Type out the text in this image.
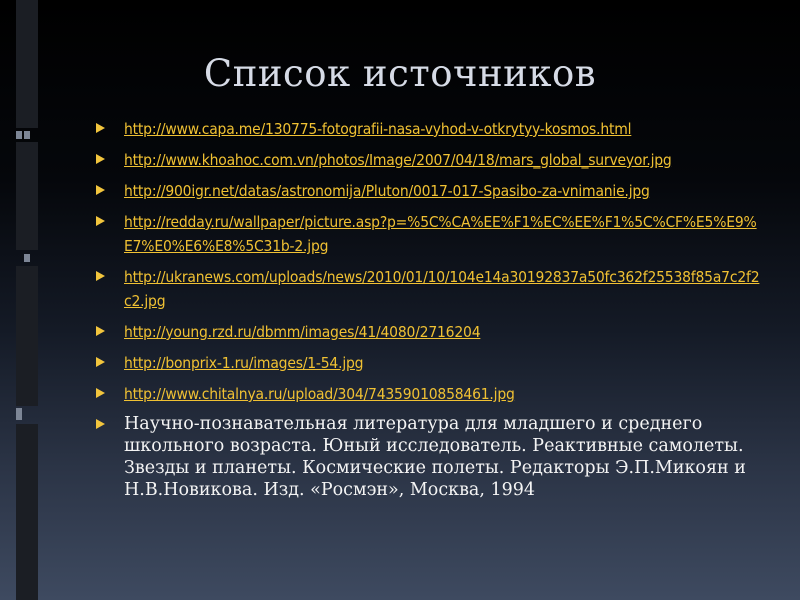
Список источников
http://www.capa.me/130775-fotografii-nasa-vyhod-v-otkrytyy-kosmos.html
http://www.khoahoc.com.vn/photos/Image/2007/04/18/mars_global_surveyor.jpg
http://900igr.net/datas/astronomija/Pluton/0017-017-Spasibo-za-vnimanie.jpg
http://redday.ru/wallpaper/picture.asp?p=%5C%CA%EE%F1%EC%EE%F1%5C%CF%E5%E9%E7%E0%E6%E8%5C31b-2.jpg
http://ukranews.com/uploads/news/2010/01/10/104e14a30192837a50fc362f25538f85a7c2f2c2.jpg
http://young.rzd.ru/dbmm/images/41/4080/2716204
http://bonprix-1.ru/images/1-54.jpg
http://www.chitalnya.ru/upload/304/74359010858461.jpg
Научно-познавательная литература для младшего и среднего школьного возраста. Юный исследователь. Реактивные самолеты. Звезды и планеты. Космические полеты. Редакторы Э.П.Микоян и Н.В.Новикова. Изд. «Росмэн», Москва, 1994
